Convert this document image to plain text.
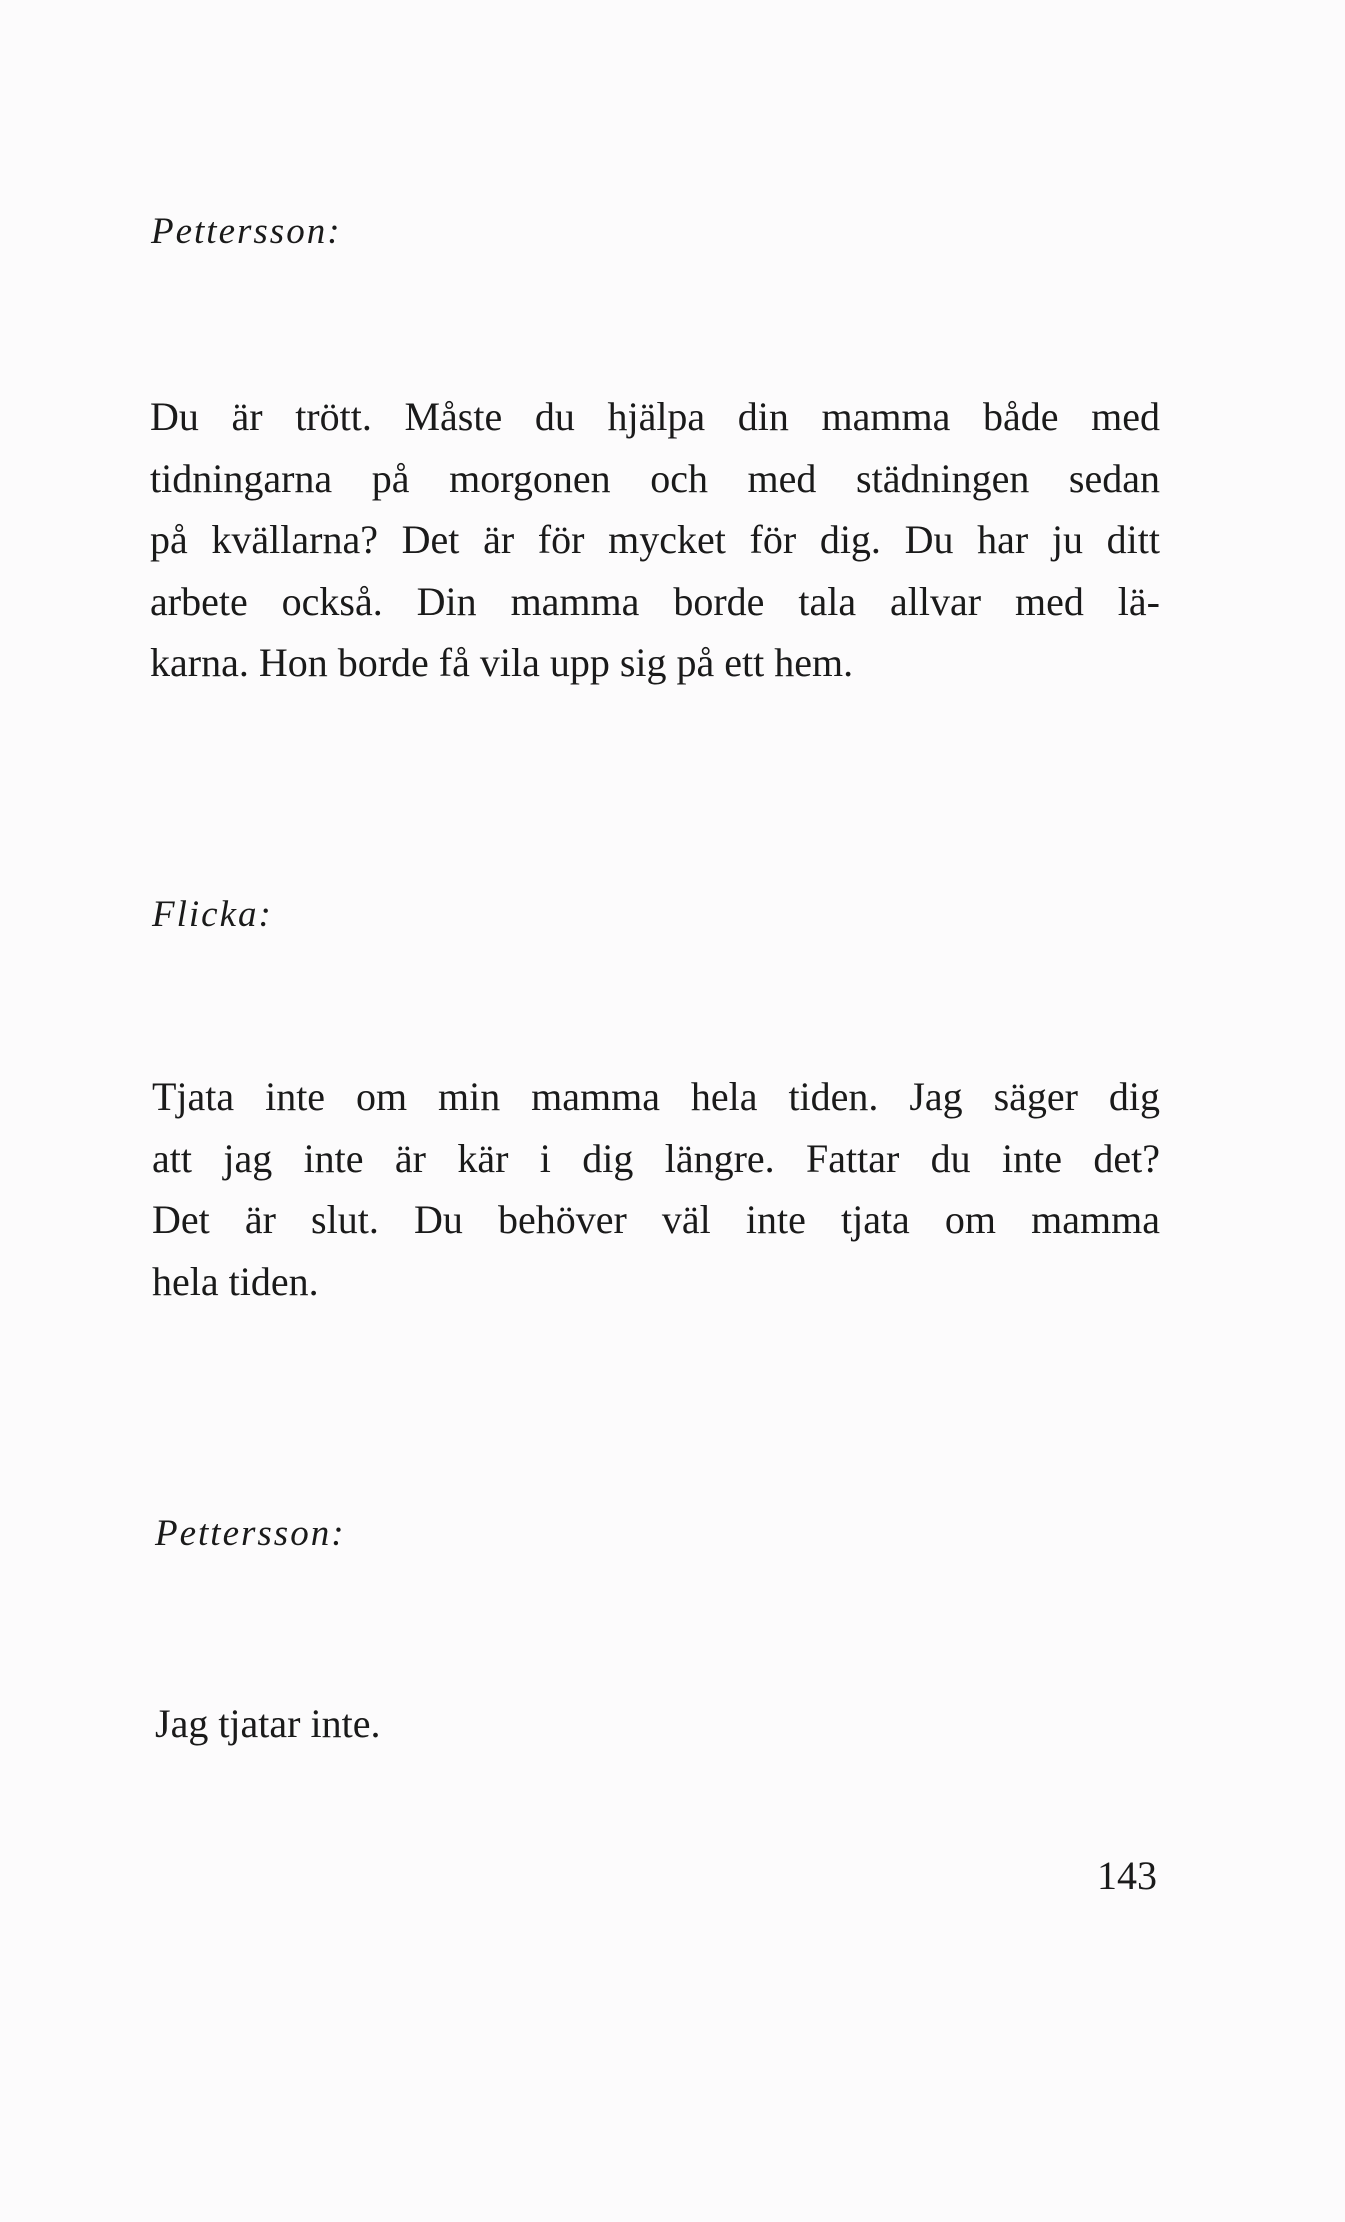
Pettersson:
Du är trött. Måste du hjälpa din mamma både med
tidningarna på morgonen och med städningen sedan
på kvällarna? Det är för mycket för dig. Du har ju ditt
arbete också. Din mamma borde tala allvar med lä-
karna. Hon borde få vila upp sig på ett hem.
Flicka:
Tjata inte om min mamma hela tiden. Jag säger dig
att jag inte är kär i dig längre. Fattar du inte det?
Det är slut. Du behöver väl inte tjata om mamma
hela tiden.
Pettersson:
Jag tjatar inte.
143
